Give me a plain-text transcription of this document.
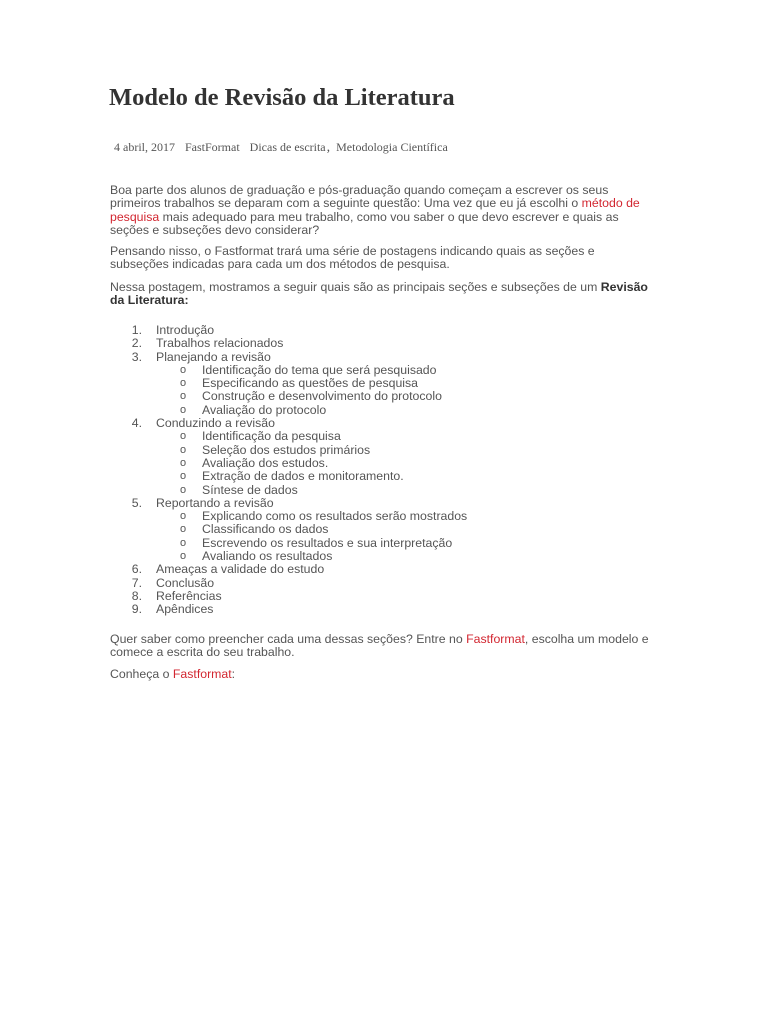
Modelo de Revisão da Literatura
4 abril, 2017 FastFormat Dicas de escrita, Metodologia Científica

Boa parte dos alunos de graduação e pós-graduação quando começam a escrever os seus primeiros trabalhos se deparam com a seguinte questão: Uma vez que eu já escolhi o método de pesquisa mais adequado para meu trabalho, como vou saber o que devo escrever e quais as seções e subseções devo considerar?

Pensando nisso, o Fastformat trará uma série de postagens indicando quais as seções e subseções indicadas para cada um dos métodos de pesquisa.

Nessa postagem, mostramos a seguir quais são as principais seções e subseções de um Revisão da Literatura:

1. Introdução
2. Trabalhos relacionados
3. Planejando a revisão
o Identificação do tema que será pesquisado
o Especificando as questões de pesquisa
o Construção e desenvolvimento do protocolo
o Avaliação do protocolo
4. Conduzindo a revisão
o Identificação da pesquisa
o Seleção dos estudos primários
o Avaliação dos estudos.
o Extração de dados e monitoramento.
o Síntese de dados
5. Reportando a revisão
o Explicando como os resultados serão mostrados
o Classificando os dados
o Escrevendo os resultados e sua interpretação
o Avaliando os resultados
6. Ameaças a validade do estudo
7. Conclusão
8. Referências
9. Apêndices

Quer saber como preencher cada uma dessas seções? Entre no Fastformat, escolha um modelo e comece a escrita do seu trabalho.

Conheça o Fastformat:
